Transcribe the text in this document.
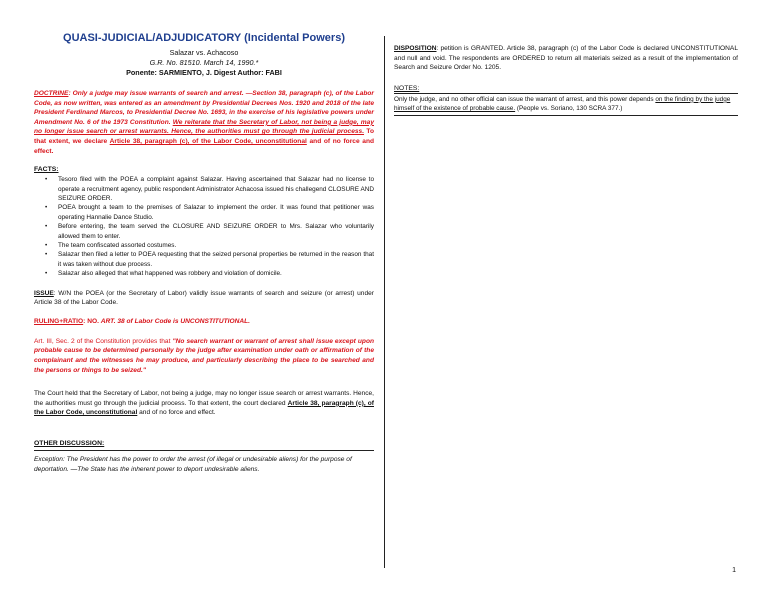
QUASI-JUDICIAL/ADJUDICATORY (Incidental Powers)

Salazar vs. Achacoso

G.R. No. 81510. March 14, 1990.*

Ponente: SARMIENTO, J. Digest Author: FABI

DOCTRINE: Only a judge may issue warrants of search and arrest. —Section 38, paragraph (c), of the Labor Code, as now written, was entered as an amendment by Presidential Decrees Nos. 1920 and 2018 of the late President Ferdinand Marcos, to Presidential Decree No. 1693, in the exercise of his legislative powers under Amendment No. 6 of the 1973 Constitution. We reiterate that the Secretary of Labor, not being a judge, may no longer issue search or arrest warrants. Hence, the authorities must go through the judicial process. To that extent, we declare Article 38, paragraph (c), of the Labor Code, unconstitutional and of no force and effect.

FACTS:

• Tesoro filed with the POEA a complaint against Salazar. Having ascertained that Salazar had no license to operate a recruitment agency, public respondent Administrator Achacosa issued his challegend CLOSURE AND SEIZURE ORDER.
• POEA brought a team to the premises of Salazar to implement the order. It was found that petitioner was operating Hannalie Dance Studio.
• Before entering, the team served the CLOSURE AND SEIZURE ORDER to Mrs. Salazar who voluntarily allowed them to enter.
• The team confiscated assorted costumes.
• Salazar then filed a letter to POEA requesting that the seized personal properties be returned in the reason that it was taken without due process.
• Salazar also alleged that what happened was robbery and violation of domicile.

ISSUE: W/N the POEA (or the Secretary of Labor) validly issue warrants of search and seizure (or arrest) under Article 38 of the Labor Code.

RULING+RATIO: NO. ART. 38 of Labor Code is UNCONSTITUTIONAL.

Art. III, Sec. 2 of the Constitution provides that "No search warrant or warrant of arrest shall issue except upon probable cause to be determined personally by the judge after examination under oath or affirmation of the complainant and the witnesses he may produce, and particularly describing the place to be searched and the persons or things to be seized."

The Court held that the Secretary of Labor, not being a judge, may no longer issue search or arrest warrants. Hence, the authorities must go through the judicial process. To that extent, the court declared Article 38, paragraph (c), of the Labor Code, unconstitutional and of no force and effect.

OTHER DISCUSSION:

Exception: The President has the power to order the arrest (of illegal or undesirable aliens) for the purpose of deportation. —The State has the inherent power to deport undesirable aliens.

DISPOSITION: petition is GRANTED. Article 38, paragraph (c) of the Labor Code is declared UNCONSTITUTIONAL and null and void. The respondents are ORDERED to return all materials seized as a result of the implementation of Search and Seizure Order No. 1205.

NOTES:

Only the judge, and no other official can issue the warrant of arrest, and this power depends on the finding by the judge himself of the existence of probable cause. (People vs. Soriano, 130 SCRA 377.)

1
